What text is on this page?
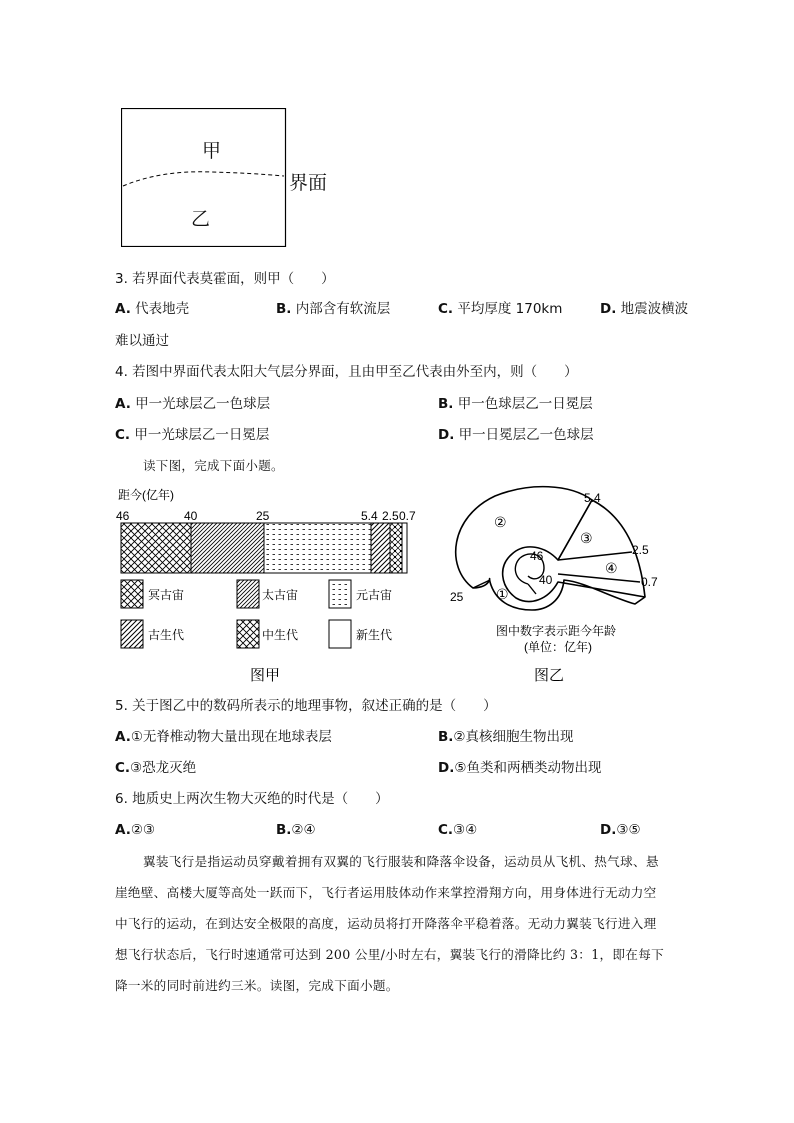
甲
乙
界面
3. 若界面代表莫霍面，则甲（　　）
A. 代表地壳	B. 内部含有软流层	C. 平均厚度 170km	D. 地震波横波
难以通过
4. 若图中界面代表太阳大气层分界面，且由甲至乙代表由外至内，则（　　）
A. 甲一光球层乙一色球层	B. 甲一色球层乙一日冕层
C. 甲一光球层乙一日冕层	D. 甲一日冕层乙一色球层
读下图，完成下面小题。
距今(亿年)
46	40	25	5.4 2.5 0.7
冥古宙	太古宙	元古宙
古生代	中生代	新生代
图甲
5.4
2.5
0.7
46
40
25 ①
②
③
④
图中数字表示距今年龄
(单位：亿年)
图乙
5. 关于图乙中的数码所表示的地理事物，叙述正确的是（　　）
A.①无脊椎动物大量出现在地球表层	B.②真核细胞生物出现
C.③恐龙灭绝	D.⑤鱼类和两栖类动物出现
6. 地质史上两次生物大灭绝的时代是（　　）
A.②③	B.②④	C.③④	D.③⑤
翼装飞行是指运动员穿戴着拥有双翼的飞行服装和降落伞设备，运动员从飞机、热气球、悬
崖绝壁、高楼大厦等高处一跃而下，飞行者运用肢体动作来掌控滑翔方向，用身体进行无动力空
中飞行的运动，在到达安全极限的高度，运动员将打开降落伞平稳着落。无动力翼装飞行进入理
想飞行状态后，飞行时速通常可达到 200 公里/小时左右，翼装飞行的滑降比约 3：1，即在每下
降一米的同时前进约三米。读图，完成下面小题。
